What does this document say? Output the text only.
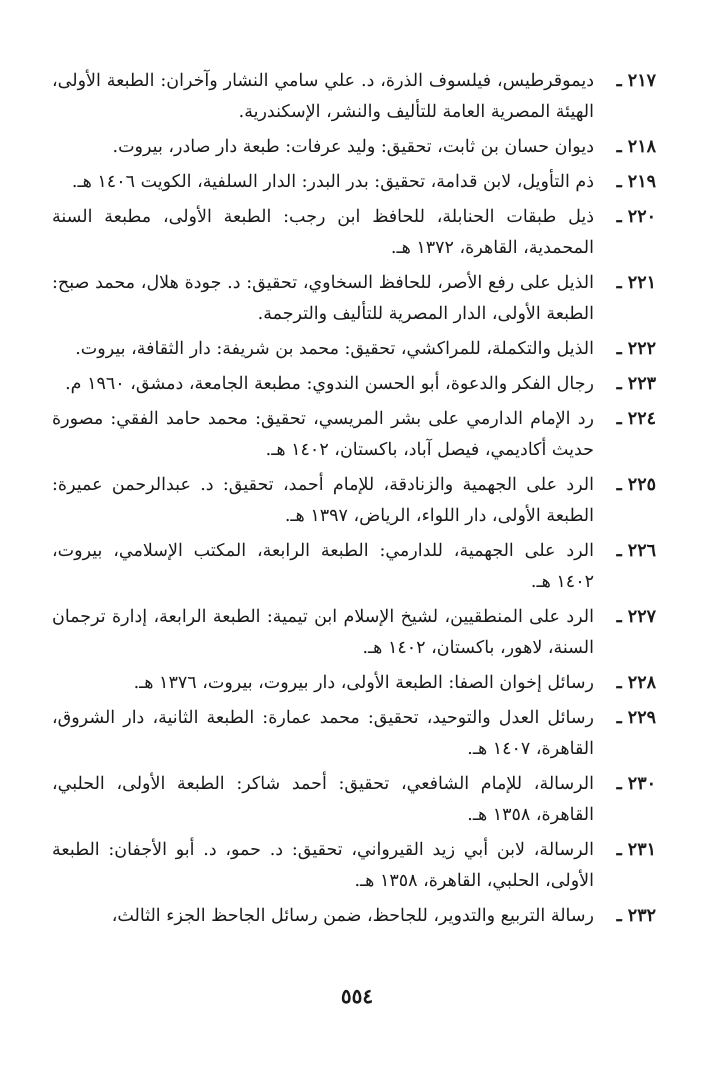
٢١٧ـ
ديموقرطيس، فيلسوف الذرة، د. علي سامي النشار وآخران: الطبعة الأولى، الهيئة المصرية العامة للتأليف والنشر، الإسكندرية.
٢١٨ـ
ديوان حسان بن ثابت، تحقيق: وليد عرفات: طبعة دار صادر، بيروت.
٢١٩ـ
ذم التأويل، لابن قدامة، تحقيق: بدر البدر: الدار السلفية، الكويت ١٤٠٦ هـ.
٢٢٠ـ
ذيل طبقات الحنابلة، للحافظ ابن رجب: الطبعة الأولى، مطبعة السنة المحمدية، القاهرة، ١٣٧٢ هـ.
٢٢١ـ
الذيل على رفع الأصر، للحافظ السخاوي، تحقيق: د. جودة هلال، محمد صبح: الطبعة الأولى، الدار المصرية للتأليف والترجمة.
٢٢٢ـ
الذيل والتكملة، للمراكشي، تحقيق: محمد بن شريفة: دار الثقافة، بيروت.
٢٢٣ـ
رجال الفكر والدعوة، أبو الحسن الندوي: مطبعة الجامعة، دمشق، ١٩٦٠ م.
٢٢٤ـ
رد الإمام الدارمي على بشر المريسي، تحقيق: محمد حامد الفقي: مصورة حديث أكاديمي، فيصل آباد، باكستان، ١٤٠٢ هـ.
٢٢٥ـ
الرد على الجهمية والزنادقة، للإمام أحمد، تحقيق: د. عبدالرحمن عميرة: الطبعة الأولى، دار اللواء، الرياض، ١٣٩٧ هـ.
٢٢٦ـ
الرد على الجهمية، للدارمي: الطبعة الرابعة، المكتب الإسلامي، بيروت، ١٤٠٢ هـ.
٢٢٧ـ
الرد على المنطقيين، لشيخ الإسلام ابن تيمية: الطبعة الرابعة، إدارة ترجمان السنة، لاهور، باكستان، ١٤٠٢ هـ.
٢٢٨ـ
رسائل إخوان الصفا: الطبعة الأولى، دار بيروت، بيروت، ١٣٧٦ هـ.
٢٢٩ـ
رسائل العدل والتوحيد، تحقيق: محمد عمارة: الطبعة الثانية، دار الشروق، القاهرة، ١٤٠٧ هـ.
٢٣٠ـ
الرسالة، للإمام الشافعي، تحقيق: أحمد شاكر: الطبعة الأولى، الحلبي، القاهرة، ١٣٥٨ هـ.
٢٣١ـ
الرسالة، لابن أبي زيد القيرواني، تحقيق: د. حمو، د. أبو الأجفان: الطبعة الأولى، الحلبي، القاهرة، ١٣٥٨ هـ.
٢٣٢ـ
رسالة التربيع والتدوير، للجاحظ، ضمن رسائل الجاحظ الجزء الثالث،
٥٥٤
